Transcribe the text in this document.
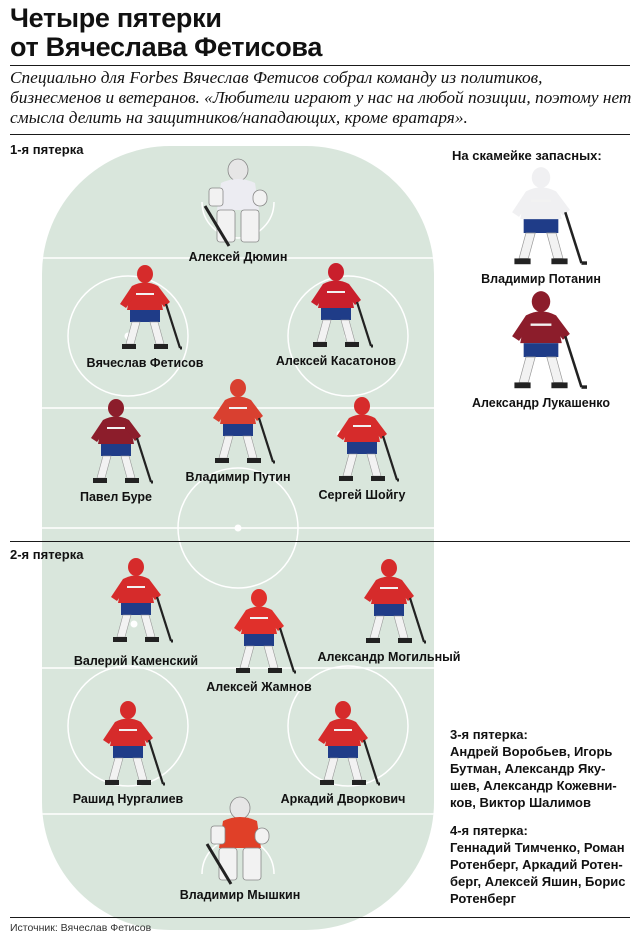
Четыре пятерки
от Вячеслава Фетисова
Специально для Forbes Вячеслав Фетисов собрал команду из политиков, бизнесменов и ветеранов. «Любители играют у нас на любой позиции, поэтому нет смысла делить на защитников/нападающих, кроме вратаря».
1-я пятерка	На скамейке запасных:
2-я пятерка
Алексей Дюмин
Вячеслав Фетисов	Алексей Касатонов
Владимир Путин
Павел Буре	Сергей Шойгу
Владимир Потанин
Александр Лукашенко
Валерий Каменский	Александр Могильный
Алексей Жамнов
Рашид Нургалиев	Аркадий Дворкович
Владимир Мышкин
3-я пятерка:
Андрей Воробьев, Игорь
Бутман, Александр Яку-
шев, Александр Кожевни-
ков, Виктор Шалимов
4-я пятерка:
Геннадий Тимченко, Роман
Ротенберг, Аркадий Ротен-
берг, Алексей Яшин, Борис
Ротенберг
Источник: Вячеслав Фетисов
